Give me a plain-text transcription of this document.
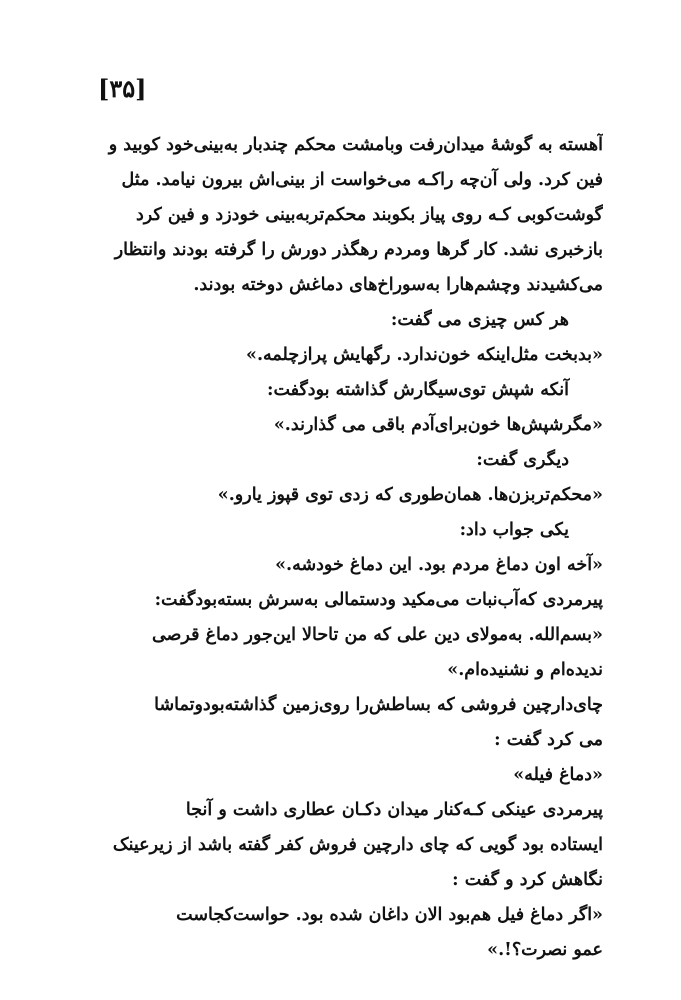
[۳۵]
آهسته به گوشهٔ میدان‌رفت وبامشت محکم چندبار به‌بینی‌خود کوبید و
فین کرد. ولی آن‌چه راکـه می‌خواست از بینی‌اش بیرون نیامد. مثل
گوشت‌کوبی کـه روی پیاز بکوبند محکم‌تربه‌بینی خودزد و فین کرد
بازخبری نشد. کار گرها ومردم رهگذر دورش را گرفته بودند وانتظار
می‌کشیدند وچشم‌هارا به‌سوراخ‌های دماغش دوخته بودند.
هر کس چیزی می گفت:
«بدبخت مثل‌اینکه خون‌ندارد. رگهایش پراز‌چلمه.»
آنکه شپش توی‌سیگارش گذاشته بود‌گفت:
«مگرشپش‌ها خون‌برای‌آدم باقی می گذارند.»
دیگری گفت:
«محکم‌تربزن‌ها. همان‌طوری که زدی توی قپوز یارو.»
یکی جواب داد:
«آخه اون دماغ مردم بود. این دماغ خودشه.»
پیرمردی که‌آب‌نبات می‌مکید ودستمالی به‌سرش بسته‌بود‌گفت:
«بسم‌الله. به‌مولای دین علی که من تاحالا این‌جور دماغ قرصی
ندیده‌ام و نشنیده‌ام.»
چای‌دارچین فروشی که بساطش‌را روی‌زمین گذاشته‌بودوتماشا
می کرد گفت :
«دماغ فیله»
پیرمردی عینکی کـه‌کنار میدان دکـان عطاری داشت و آنجا
ایستاده بود گویی که چای دارچین فروش کفر گفته باشد از زیرعینک
نگاهش کرد و گفت :
«اگر دماغ فیل هم‌بود الان داغان شده بود. حواست‌کجاست
عمو نصرت؟!.»
